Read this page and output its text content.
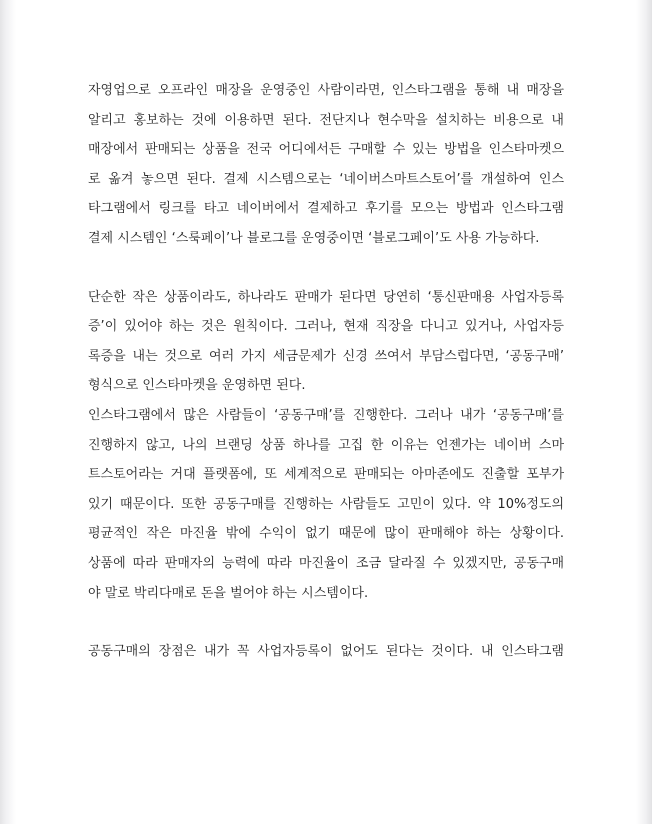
자영업으로 오프라인 매장을 운영중인 사람이라면, 인스타그램을 통해 내 매장을
알리고 홍보하는 것에 이용하면 된다. 전단지나 현수막을 설치하는 비용으로 내
매장에서 판매되는 상품을 전국 어디에서든 구매할 수 있는 방법을 인스타마켓으
로 옮겨 놓으면 된다. 결제 시스템으로는 ‘네이버스마트스토어’를 개설하여 인스
타그램에서 링크를 타고 네이버에서 결제하고 후기를 모으는 방법과 인스타그램
결제 시스템인 ‘스룩페이’나 블로그를 운영중이면 ‘블로그페이’도 사용 가능하다.
단순한 작은 상품이라도, 하나라도 판매가 된다면 당연히 ‘통신판매용 사업자등록
증’이 있어야 하는 것은 원칙이다. 그러나, 현재 직장을 다니고 있거나, 사업자등
록증을 내는 것으로 여러 가지 세금문제가 신경 쓰여서 부담스럽다면, ‘공동구매’
형식으로 인스타마켓을 운영하면 된다.
인스타그램에서 많은 사람들이 ‘공동구매’를 진행한다. 그러나 내가 ‘공동구매’를
진행하지 않고, 나의 브랜딩 상품 하나를 고집 한 이유는 언젠가는 네이버 스마
트스토어라는 거대 플랫폼에, 또 세계적으로 판매되는 아마존에도 진출할 포부가
있기 때문이다. 또한 공동구매를 진행하는 사람들도 고민이 있다. 약 10%정도의
평균적인 작은 마진율 밖에 수익이 없기 때문에 많이 판매해야 하는 상황이다.
상품에 따라 판매자의 능력에 따라 마진율이 조금 달라질 수 있겠지만, 공동구매
야 말로 박리다매로 돈을 벌어야 하는 시스템이다.
공동구매의 장점은 내가 꼭 사업자등록이 없어도 된다는 것이다. 내 인스타그램
